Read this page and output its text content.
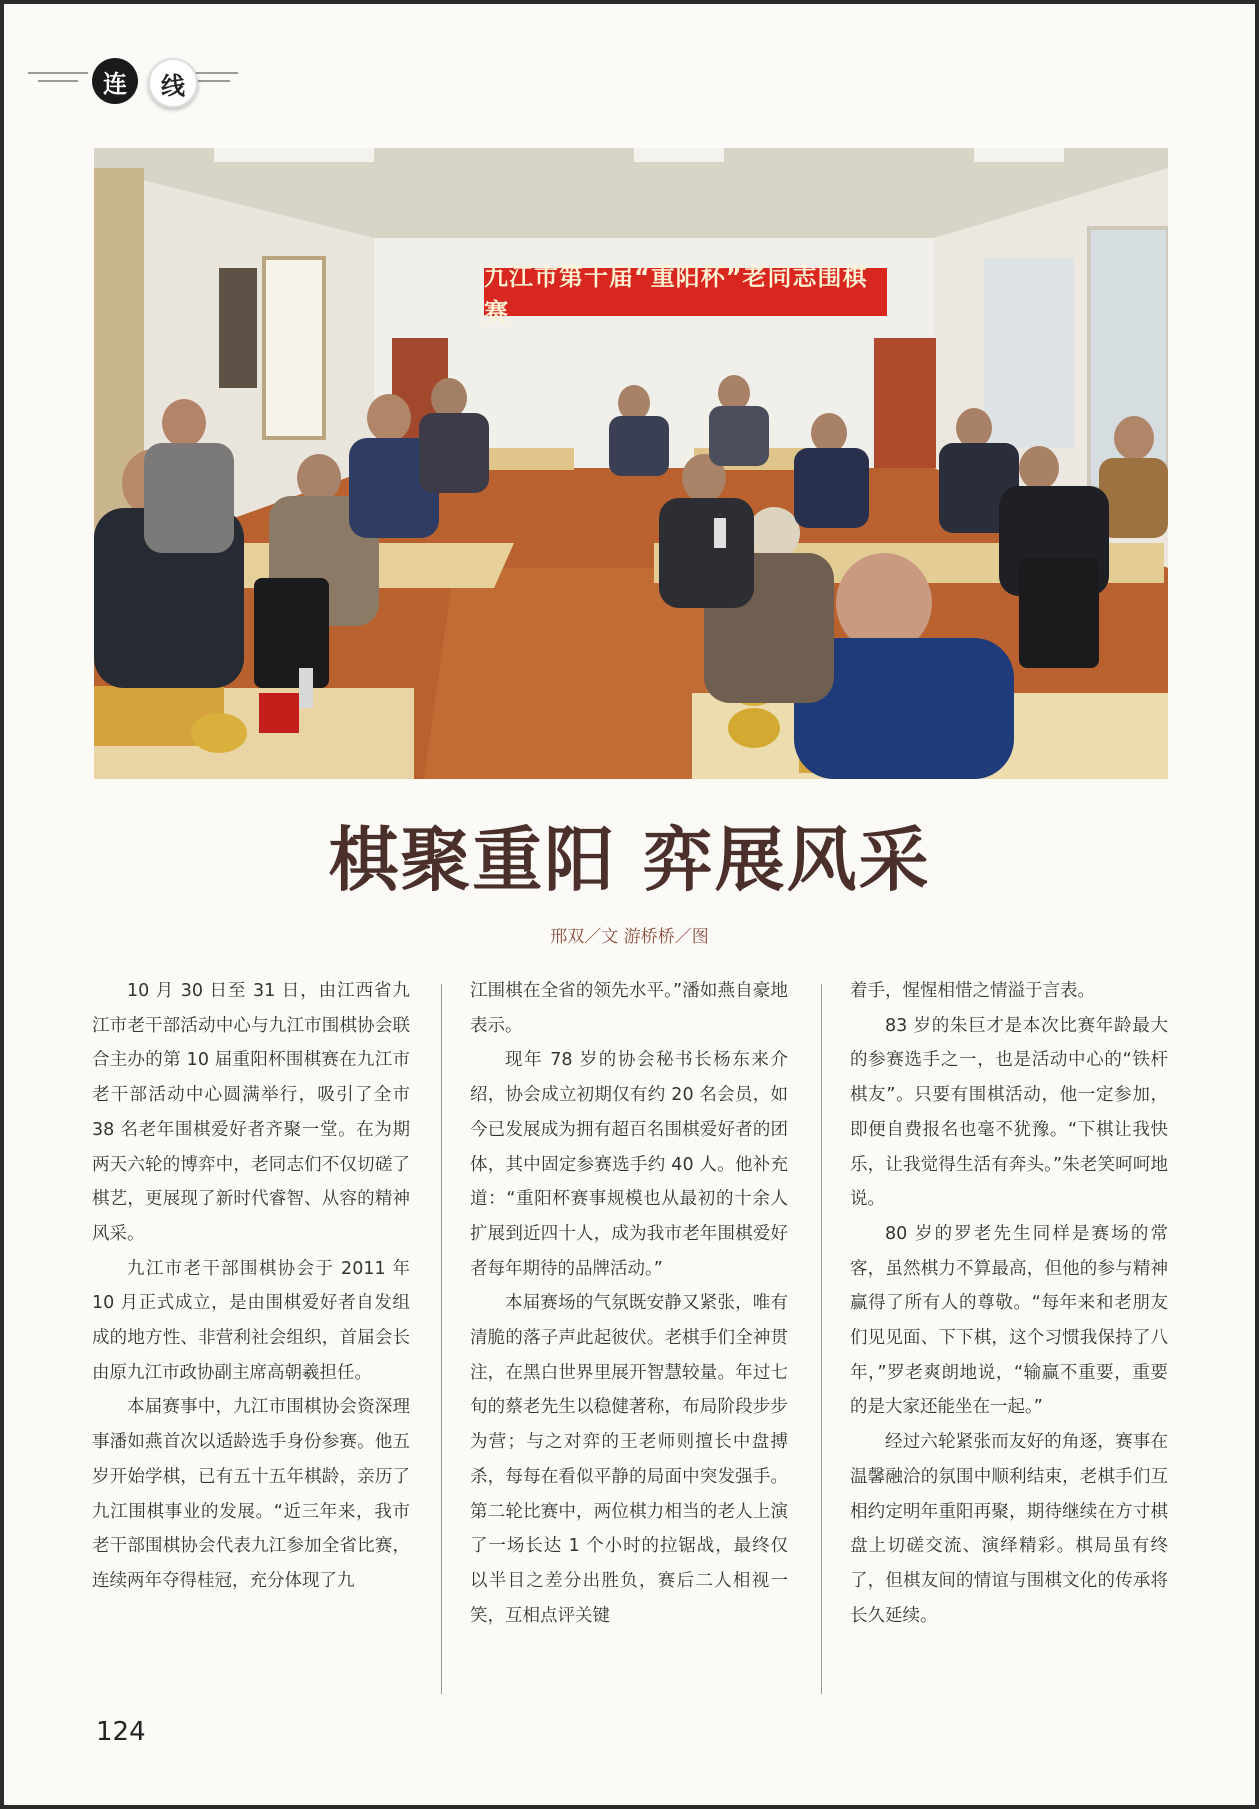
连	线
九江市第十届“重阳杯”老同志围棋赛
棋聚重阳 弈展风采
邢双／文 游桥桥／图

10 月 30 日至 31 日，由江西省九江市老干部活动中心与九江市围棋协会联合主办的第 10 届重阳杯围棋赛在九江市老干部活动中心圆满举行，吸引了全市 38 名老年围棋爱好者齐聚一堂。在为期两天六轮的博弈中，老同志们不仅切磋了棋艺，更展现了新时代睿智、从容的精神风采。

九江市老干部围棋协会于 2011 年 10 月正式成立，是由围棋爱好者自发组成的地方性、非营利社会组织，首届会长由原九江市政协副主席高朝羲担任。

本届赛事中，九江市围棋协会资深理事潘如燕首次以适龄选手身份参赛。他五岁开始学棋，已有五十五年棋龄，亲历了九江围棋事业的发展。“近三年来，我市老干部围棋协会代表九江参加全省比赛，连续两年夺得桂冠，充分体现了九

江围棋在全省的领先水平。”潘如燕自豪地表示。

现年 78 岁的协会秘书长杨东来介绍，协会成立初期仅有约 20 名会员，如今已发展成为拥有超百名围棋爱好者的团体，其中固定参赛选手约 40 人。他补充道：“重阳杯赛事规模也从最初的十余人扩展到近四十人，成为我市老年围棋爱好者每年期待的品牌活动。”

本届赛场的气氛既安静又紧张，唯有清脆的落子声此起彼伏。老棋手们全神贯注，在黑白世界里展开智慧较量。年过七旬的蔡老先生以稳健著称，布局阶段步步为营；与之对弈的王老师则擅长中盘搏杀，每每在看似平静的局面中突发强手。第二轮比赛中，两位棋力相当的老人上演了一场长达 1 个小时的拉锯战，最终仅以半目之差分出胜负，赛后二人相视一笑，互相点评关键

着手，惺惺相惜之情溢于言表。

83 岁的朱巨才是本次比赛年龄最大的参赛选手之一，也是活动中心的“铁杆棋友”。只要有围棋活动，他一定参加，即便自费报名也毫不犹豫。“下棋让我快乐，让我觉得生活有奔头。”朱老笑呵呵地说。

80 岁的罗老先生同样是赛场的常客，虽然棋力不算最高，但他的参与精神赢得了所有人的尊敬。“每年来和老朋友们见见面、下下棋，这个习惯我保持了八年，”罗老爽朗地说，“输赢不重要，重要的是大家还能坐在一起。”

经过六轮紧张而友好的角逐，赛事在温馨融洽的氛围中顺利结束，老棋手们互相约定明年重阳再聚，期待继续在方寸棋盘上切磋交流、演绎精彩。棋局虽有终了，但棋友间的情谊与围棋文化的传承将长久延续。

124
